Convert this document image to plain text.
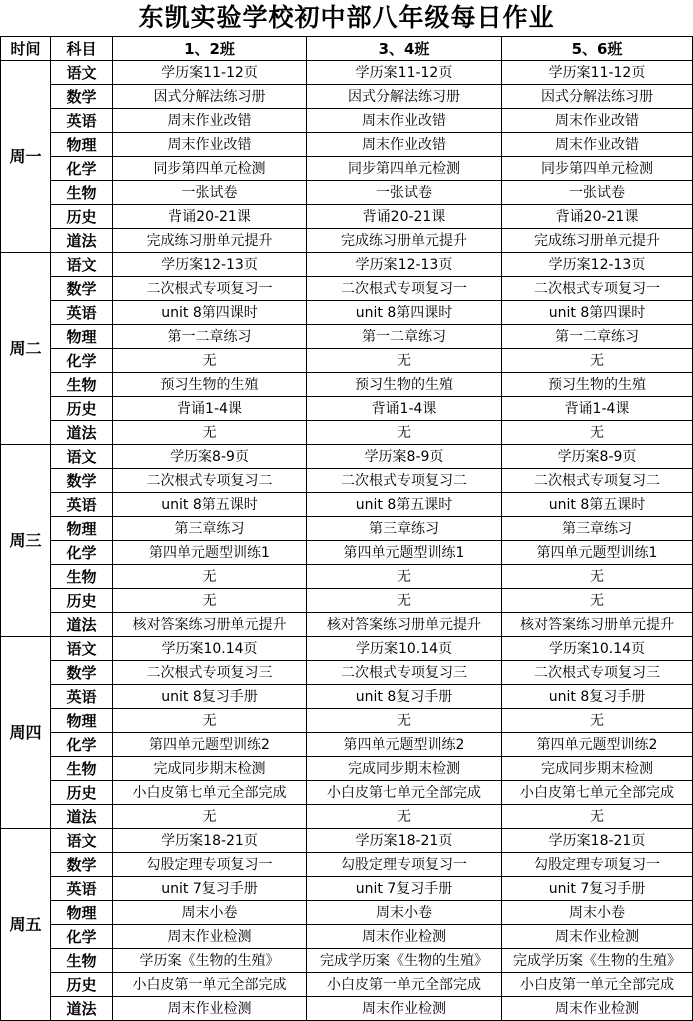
东凯实验学校初中部八年级每日作业
时间	科目	1、2班	3、4班	5、6班
周一	语文	学历案11-12页	学历案11-12页	学历案11-12页
	数学	因式分解法练习册	因式分解法练习册	因式分解法练习册
	英语	周末作业改错	周末作业改错	周末作业改错
	物理	周末作业改错	周末作业改错	周末作业改错
	化学	同步第四单元检测	同步第四单元检测	同步第四单元检测
	生物	一张试卷	一张试卷	一张试卷
	历史	背诵20-21课	背诵20-21课	背诵20-21课
	道法	完成练习册单元提升	完成练习册单元提升	完成练习册单元提升
周二	语文	学历案12-13页	学历案12-13页	学历案12-13页
	数学	二次根式专项复习一	二次根式专项复习一	二次根式专项复习一
	英语	unit 8第四课时	unit 8第四课时	unit 8第四课时
	物理	第一二章练习	第一二章练习	第一二章练习
	化学	无	无	无
	生物	预习生物的生殖	预习生物的生殖	预习生物的生殖
	历史	背诵1-4课	背诵1-4课	背诵1-4课
	道法	无	无	无
周三	语文	学历案8-9页	学历案8-9页	学历案8-9页
	数学	二次根式专项复习二	二次根式专项复习二	二次根式专项复习二
	英语	unit 8第五课时	unit 8第五课时	unit 8第五课时
	物理	第三章练习	第三章练习	第三章练习
	化学	第四单元题型训练1	第四单元题型训练1	第四单元题型训练1
	生物	无	无	无
	历史	无	无	无
	道法	核对答案练习册单元提升	核对答案练习册单元提升	核对答案练习册单元提升
周四	语文	学历案10.14页	学历案10.14页	学历案10.14页
	数学	二次根式专项复习三	二次根式专项复习三	二次根式专项复习三
	英语	unit 8复习手册	unit 8复习手册	unit 8复习手册
	物理	无	无	无
	化学	第四单元题型训练2	第四单元题型训练2	第四单元题型训练2
	生物	完成同步期末检测	完成同步期末检测	完成同步期末检测
	历史	小白皮第七单元全部完成	小白皮第七单元全部完成	小白皮第七单元全部完成
	道法	无	无	无
周五	语文	学历案18-21页	学历案18-21页	学历案18-21页
	数学	勾股定理专项复习一	勾股定理专项复习一	勾股定理专项复习一
	英语	unit 7复习手册	unit 7复习手册	unit 7复习手册
	物理	周末小卷	周末小卷	周末小卷
	化学	周末作业检测	周末作业检测	周末作业检测
	生物	学历案《生物的生殖》	完成学历案《生物的生殖》	完成学历案《生物的生殖》
	历史	小白皮第一单元全部完成	小白皮第一单元全部完成	小白皮第一单元全部完成
	道法	周末作业检测	周末作业检测	周末作业检测
